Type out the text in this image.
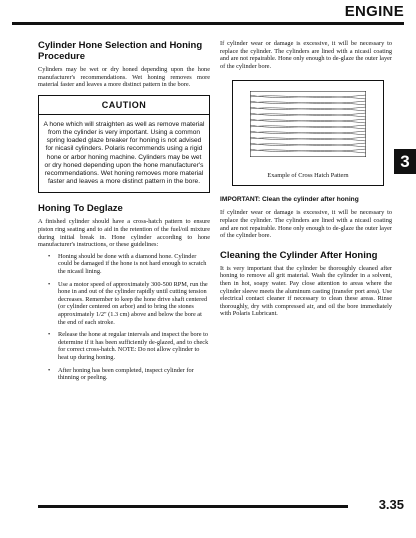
ENGINE
Cylinder Hone Selection and Honing Procedure

Cylinders may be wet or dry honed depending upon the hone manufacturer's recommendations. Wet honing removes more material faster and leaves a more distinct pattern in the bore.

CAUTION
A hone which will straighten as well as remove material from the cylinder is very important. Using a common spring loaded glaze breaker for honing is not advised for nicasil cylinders. Polaris recommends using a rigid hone or arbor honing machine. Cylinders may be wet or dry honed depending upon the hone manufacturer's recommendations. Wet honing removes more material faster and leaves a more distinct pattern in the bore.
Honing To Deglaze

A finished cylinder should have a cross-hatch pattern to ensure piston ring seating and to aid in the retention of the fuel/oil mixture during initial break in. Hone cylinder according to hone manufacturer's instructions, or these guidelines:

• Honing should be done with a diamond hone. Cylinder could be damaged if the hone is not hard enough to scratch the nicasil lining.
• Use a motor speed of approximately 300-500 RPM, run the hone in and out of the cylinder rapidly until cutting tension decreases. Remember to keep the hone drive shaft centered (or cylinder centered on arbor) and to bring the stones approximately 1/2" (1.3 cm) above and below the bore at the end of each stroke.
• Release the hone at regular intervals and inspect the bore to determine if it has been sufficiently de-glazed, and to check for correct cross-hatch. NOTE: Do not allow cylinder to heat up during honing.
• After honing has been completed, inspect cylinder for thinning or peeling.

If cylinder wear or damage is excessive, it will be necessary to replace the cylinder. The cylinders are lined with a nicasil coating and are not repairable. Hone only enough to de-glaze the outer layer of the cylinder bore.

Example of Cross Hatch Pattern
IMPORTANT: Clean the cylinder after honing

If cylinder wear or damage is excessive, it will be necessary to replace the cylinder. The cylinders are lined with a nicasil coating and are not repairable. Hone only enough to de-glaze the outer layer of the cylinder bore.

Cleaning the Cylinder After Honing

It is very important that the cylinder be thoroughly cleaned after honing to remove all grit material. Wash the cylinder in a solvent, then in hot, soapy water. Pay close attention to areas where the cylinder sleeve meets the aluminum casting (transfer port area). Use electrical contact cleaner if necessary to clean these areas. Rinse thoroughly, dry with compressed air, and oil the bore immediately with Polaris Lubricant.

3
3.35
